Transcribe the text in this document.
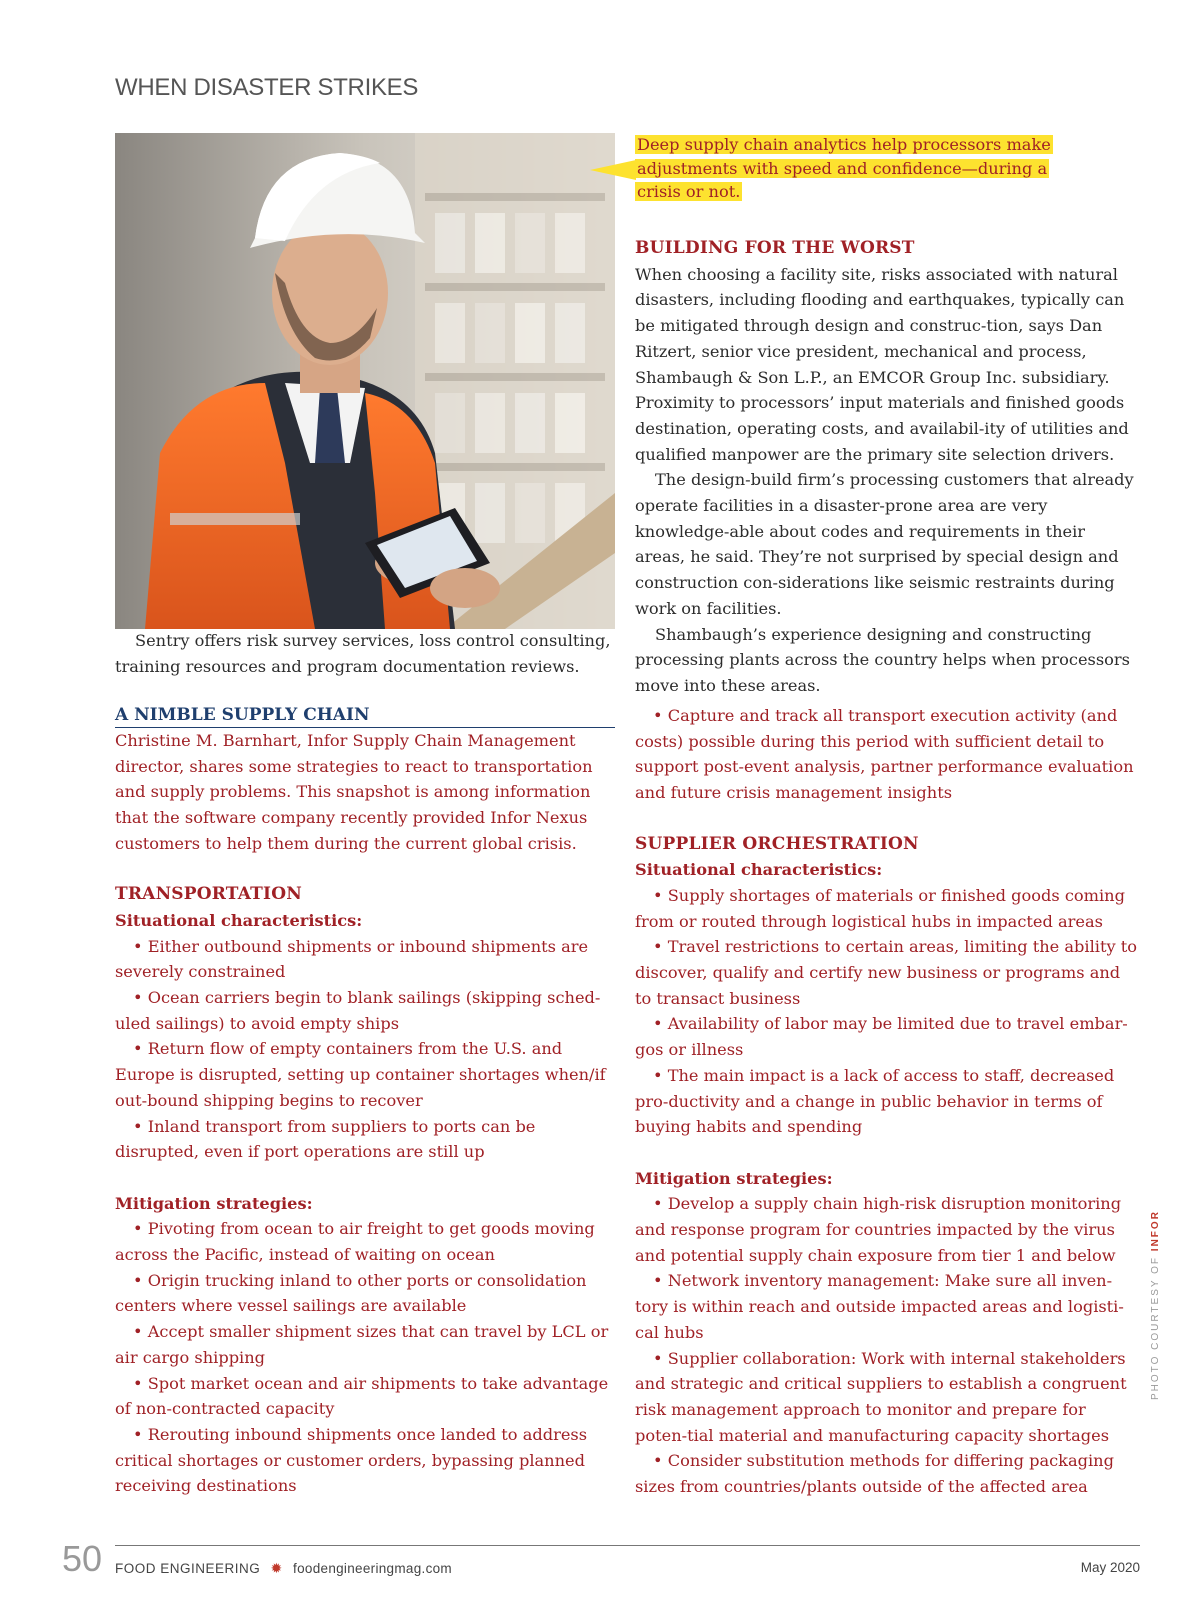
WHEN DISASTER STRIKES
Deep supply chain analytics help processors make adjustments with speed and confidence—during a crisis or not.

Sentry offers risk survey services, loss control consulting, training resources and program documentation reviews.

A NIMBLE SUPPLY CHAIN

Christine M. Barnhart, Infor Supply Chain Management director, shares some strategies to react to transportation and supply problems. This snapshot is among information that the software company recently provided Infor Nexus customers to help them during the current global crisis.

TRANSPORTATION
Situational characteristics:

• Either outbound shipments or inbound shipments are severely constrained

• Ocean carriers begin to blank sailings (skipping sched-uled sailings) to avoid empty ships

• Return flow of empty containers from the U.S. and Europe is disrupted, setting up container shortages when/if out-bound shipping begins to recover

• Inland transport from suppliers to ports can be disrupted, even if port operations are still up

Mitigation strategies:

• Pivoting from ocean to air freight to get goods moving across the Pacific, instead of waiting on ocean

• Origin trucking inland to other ports or consolidation centers where vessel sailings are available

• Accept smaller shipment sizes that can travel by LCL or air cargo shipping

• Spot market ocean and air shipments to take advantage of non-contracted capacity

• Rerouting inbound shipments once landed to address critical shortages or customer orders, bypassing planned receiving destinations

BUILDING FOR THE WORST

When choosing a facility site, risks associated with natural disasters, including flooding and earthquakes, typically can be mitigated through design and construc-tion, says Dan Ritzert, senior vice president, mechanical and process, Shambaugh & Son L.P., an EMCOR Group Inc. subsidiary. Proximity to processors’ input materials and finished goods destination, operating costs, and availabil-ity of utilities and qualified manpower are the primary site selection drivers.

The design-build firm’s processing customers that already operate facilities in a disaster-prone area are very knowledge-able about codes and requirements in their areas, he said. They’re not surprised by special design and construction con-siderations like seismic restraints during work on facilities.

Shambaugh’s experience designing and constructing processing plants across the country helps when processors move into these areas.

• Capture and track all transport execution activity (and costs) possible during this period with sufficient detail to support post-event analysis, partner performance evaluation and future crisis management insights

SUPPLIER ORCHESTRATION
Situational characteristics:

• Supply shortages of materials or finished goods coming from or routed through logistical hubs in impacted areas

• Travel restrictions to certain areas, limiting the ability to discover, qualify and certify new business or programs and to transact business

• Availability of labor may be limited due to travel embar-gos or illness

• The main impact is a lack of access to staff, decreased pro-ductivity and a change in public behavior in terms of buying habits and spending

Mitigation strategies:

• Develop a supply chain high-risk disruption monitoring and response program for countries impacted by the virus and potential supply chain exposure from tier 1 and below

• Network inventory management: Make sure all inven-tory is within reach and outside impacted areas and logisti-cal hubs

• Supplier collaboration: Work with internal stakeholders and strategic and critical suppliers to establish a congruent risk management approach to monitor and prepare for poten-tial material and manufacturing capacity shortages

• Consider substitution methods for differing packaging sizes from countries/plants outside of the affected area

PHOTO COURTESY OF INFOR
50 FOOD ENGINEERING ✹ foodengineeringmag.com	May 2020
